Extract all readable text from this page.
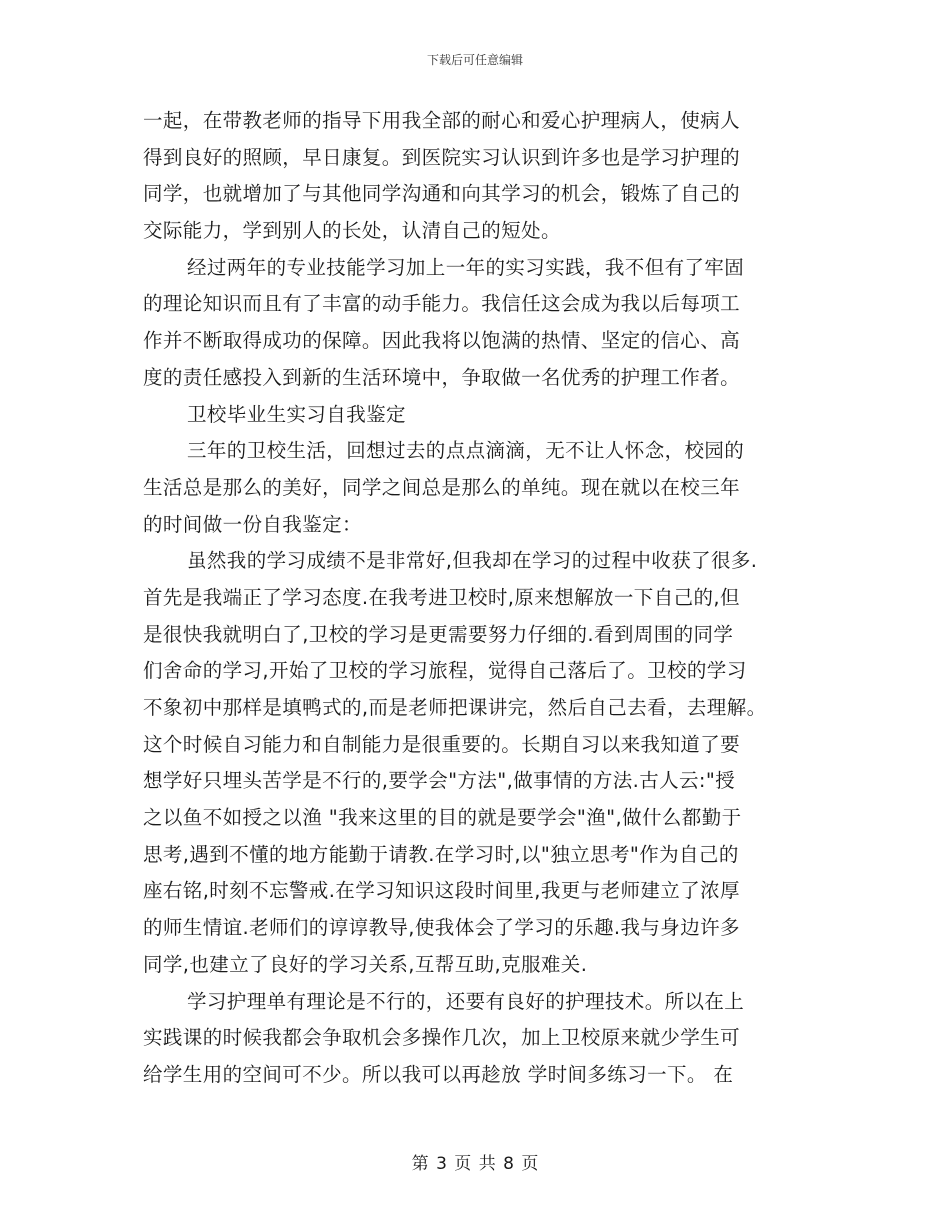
下载后可任意编辑
一起，在带教老师的指导下用我全部的耐心和爱心护理病人，使病人
得到良好的照顾，早日康复。到医院实习认识到许多也是学习护理的
同学，也就增加了与其他同学沟通和向其学习的机会，锻炼了自己的
交际能力，学到别人的长处，认清自己的短处。
经过两年的专业技能学习加上一年的实习实践，我不但有了牢固
的理论知识而且有了丰富的动手能力。我信任这会成为我以后每项工
作并不断取得成功的保障。因此我将以饱满的热情、坚定的信心、高
度的责任感投入到新的生活环境中，争取做一名优秀的护理工作者。
卫校毕业生实习自我鉴定
三年的卫校生活，回想过去的点点滴滴，无不让人怀念，校园的
生活总是那么的美好，同学之间总是那么的单纯。现在就以在校三年
的时间做一份自我鉴定：
虽然我的学习成绩不是非常好,但我却在学习的过程中收获了很多.
首先是我端正了学习态度.在我考进卫校时,原来想解放一下自己的,但
是很快我就明白了,卫校的学习是更需要努力仔细的.看到周围的同学
们舍命的学习,开始了卫校的学习旅程，觉得自己落后了。卫校的学习
不象初中那样是填鸭式的,而是老师把课讲完，然后自己去看，去理解。
这个时候自习能力和自制能力是很重要的。长期自习以来我知道了要
想学好只埋头苦学是不行的,要学会"方法",做事情的方法.古人云:"授
之以鱼不如授之以渔 "我来这里的目的就是要学会"渔",做什么都勤于
思考,遇到不懂的地方能勤于请教.在学习时,以"独立思考"作为自己的
座右铭,时刻不忘警戒.在学习知识这段时间里,我更与老师建立了浓厚
的师生情谊.老师们的谆谆教导,使我体会了学习的乐趣.我与身边许多
同学,也建立了良好的学习关系,互帮互助,克服难关.
学习护理单有理论是不行的，还要有良好的护理技术。所以在上
实践课的时候我都会争取机会多操作几次，加上卫校原来就少学生可
给学生用的空间可不少。所以我可以再趁放 学时间多练习一下。 在
第 3 页 共 8 页
